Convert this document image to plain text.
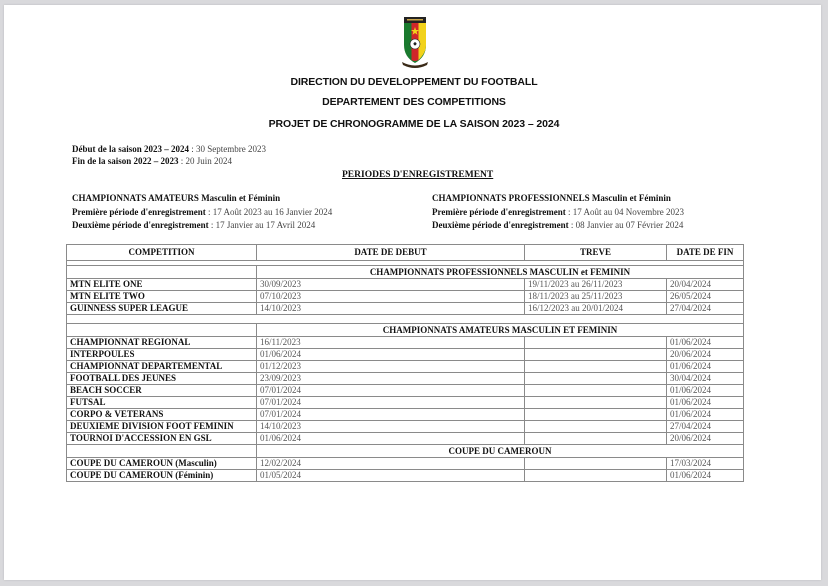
DIRECTION DU DEVELOPPEMENT DU FOOTBALL
DEPARTEMENT DES COMPETITIONS
PROJET DE CHRONOGRAMME DE LA SAISON 2023 – 2024
Début de la saison 2023 – 2024 : 30 Septembre 2023
Fin de la saison 2022 – 2023 : 20 Juin 2024
PERIODES D'ENREGISTREMENT
CHAMPIONNATS AMATEURS Masculin et Féminin
Première période d'enregistrement : 17 Août 2023 au 16 Janvier 2024
Deuxième période d'enregistrement : 17 Janvier au 17 Avril 2024
CHAMPIONNATS PROFESSIONNELS Masculin et Féminin
Première période d'enregistrement : 17 Août au 04 Novembre 2023
Deuxième période d'enregistrement : 08 Janvier au 07 Février 2024
COMPETITION	DATE DE DEBUT	TREVE	DATE DE FIN

	CHAMPIONNATS PROFESSIONNELS MASCULIN et FEMININ		
MTN ELITE ONE	30/09/2023	19/11/2023 au 26/11/2023	20/04/2024
MTN ELITE TWO	07/10/2023	18/11/2023 au 25/11/2023	26/05/2024
GUINNESS SUPER LEAGUE	14/10/2023	16/12/2023 au 20/01/2024	27/04/2024

	CHAMPIONNATS AMATEURS MASCULIN ET FEMININ		
CHAMPIONNAT REGIONAL	16/11/2023		01/06/2024
INTERPOULES	01/06/2024		20/06/2024
CHAMPIONNAT DEPARTEMENTAL	01/12/2023		01/06/2024
FOOTBALL DES JEUNES	23/09/2023		30/04/2024
BEACH SOCCER	07/01/2024		01/06/2024
FUTSAL	07/01/2024		01/06/2024
CORPO & VETERANS	07/01/2024		01/06/2024
DEUXIEME DIVISION FOOT FEMININ	14/10/2023		27/04/2024
TOURNOI D'ACCESSION EN GSL	01/06/2024		20/06/2024
	COUPE DU CAMEROUN		
COUPE DU CAMEROUN (Masculin)	12/02/2024		17/03/2024
COUPE DU CAMEROUN (Féminin)	01/05/2024		01/06/2024
